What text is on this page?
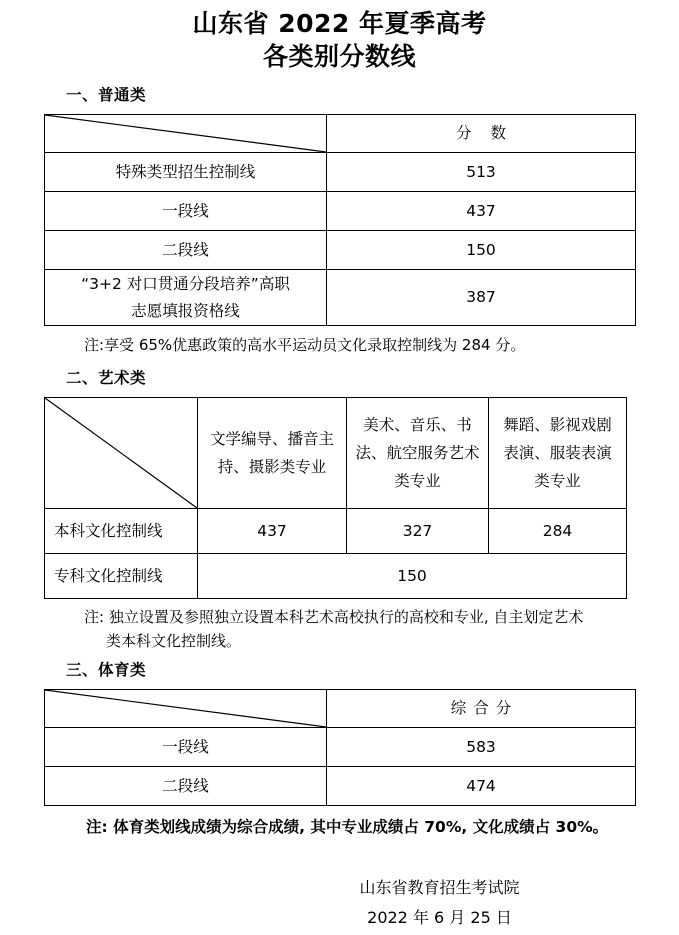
山东省 2022 年夏季高考
各类别分数线
一、普通类
	分 数
特殊类型招生控制线	513
一段线	437
二段线	150

“3+2 对口贯通分段培养”高职
志愿填报资格线	387
注:享受 65%优惠政策的高水平运动员文化录取控制线为 284 分。
二、艺术类
	文学编导、播音主持、摄影类专业	美术、音乐、书法、航空服务艺术类专业	舞蹈、影视戏剧表演、服装表演类专业
本科文化控制线	437	327	284
专科文化控制线	150		
注: 独立设置及参照独立设置本科艺术高校执行的高校和专业, 自主划定艺术
类本科文化控制线。
三、体育类
	综合分
一段线	583
二段线	474
注: 体育类划线成绩为综合成绩, 其中专业成绩占 70%, 文化成绩占 30%。
山东省教育招生考试院
2022 年 6 月 25 日
